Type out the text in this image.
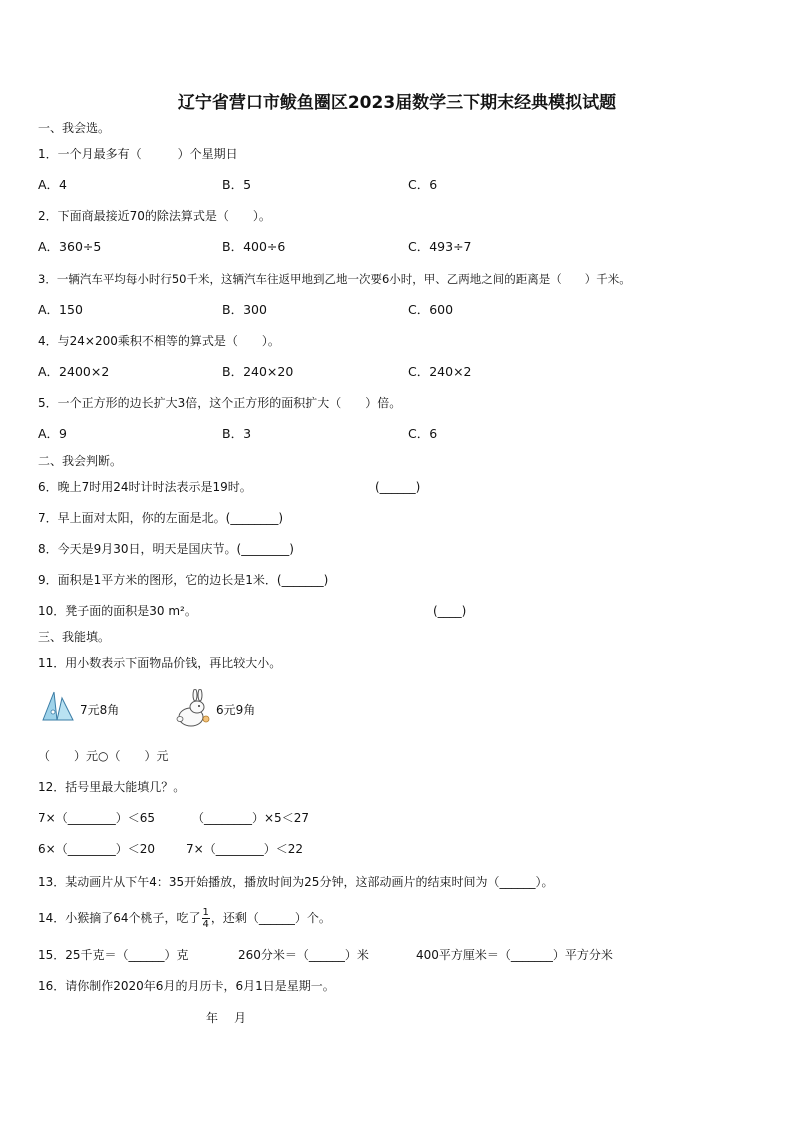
辽宁省营口市鲅鱼圈区2023届数学三下期末经典模拟试题
一、我会选。
1．一个月最多有（　　　）个星期日
A．4	B．5	C．6
2．下面商最接近70的除法算式是（　　）。
A．360÷5	B．400÷6	C．493÷7
3．一辆汽车平均每小时行50千米，这辆汽车往返甲地到乙地一次要6小时，甲、乙两地之间的距离是（　　）千米。
A．150	B．300	C．600
4．与24×200乘积不相等的算式是（　　）。
A．2400×2	B．240×20	C．240×2
5．一个正方形的边长扩大3倍，这个正方形的面积扩大（　　）倍。
A．9	B．3	C．6
二、我会判断。
6．晚上7时用24时计时法表示是19时。	(______)
7．早上面对太阳，你的左面是北。(________)
8．今天是9月30日，明天是国庆节。(________)
9．面积是1平方米的图形，它的边长是1米．(_______)
10．凳子面的面积是30 m²。	(____)
三、我能填。
11．用小数表示下面物品价钱，再比较大小。
7元8角	6元9角
（　　）元○（　　）元
12．括号里最大能填几？。
7×（________）＜65	（________）×5＜27
6×（________）＜20	7×（________）＜22
13．某动画片从下午4：35开始播放，播放时间为25分钟，这部动画片的结束时间为（______）。
14．小猴摘了64个桃子，吃了 $\frac{1}{4}$ ，还剩（______）个。
15．25千克＝（______）克	260分米＝（______）米	400平方厘米＝（_______）平方分米
16．请你制作2020年6月的月历卡，6月1日是星期一。
年 月
